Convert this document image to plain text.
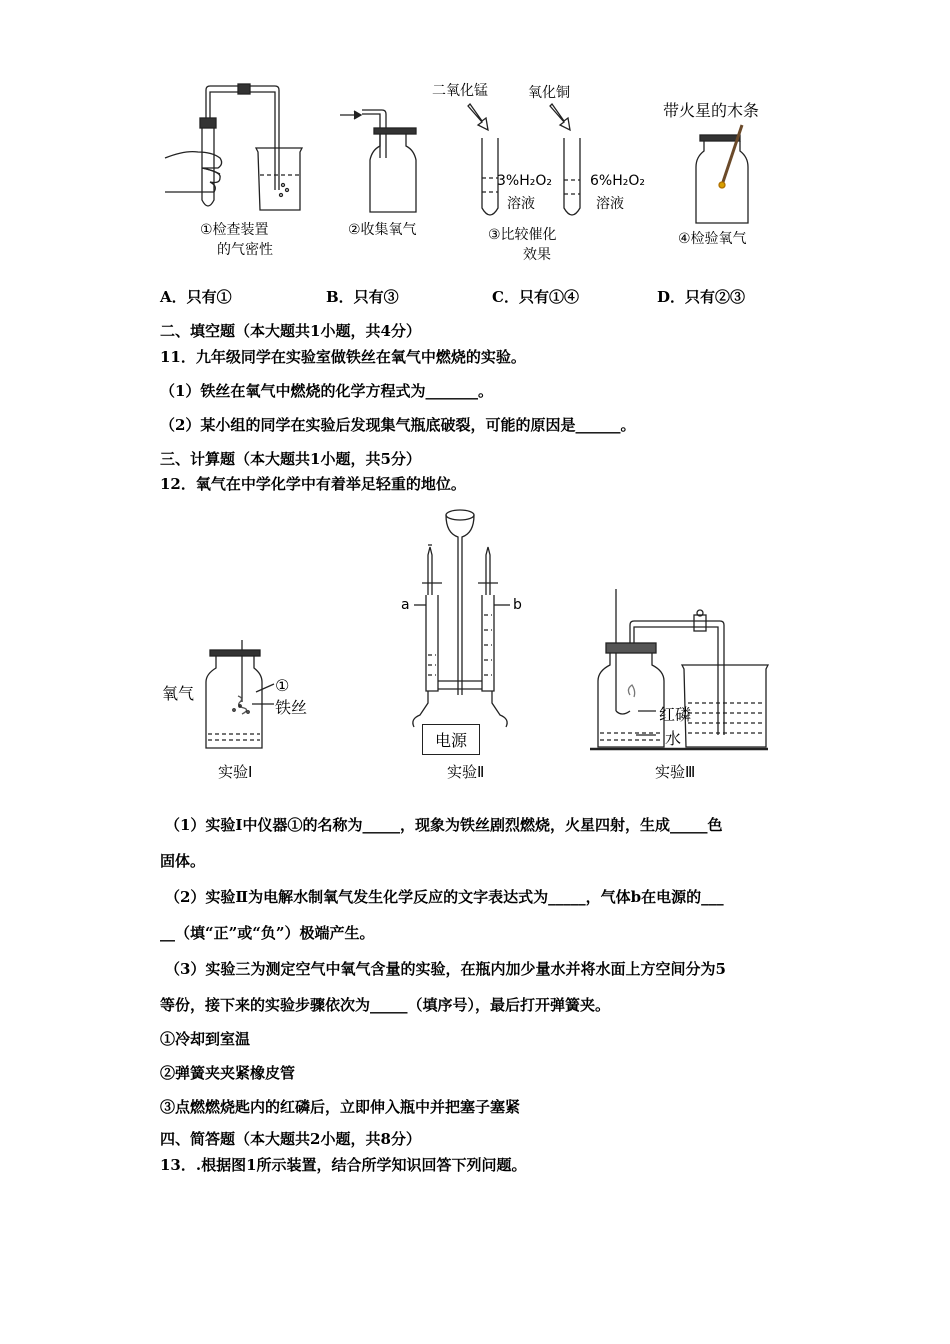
①检查装置
的气密性
②收集氧气
二氧化锰	氧化铜
3%H₂O₂
溶液
6%H₂O₂
溶液
③比较催化
效果
带火星的木条
④检验氧气
A．只有①	B．只有③	C．只有①④	D．只有②③
二、填空题（本大题共1小题，共4分）
11．九年级同学在实验室做铁丝在氧气中燃烧的实验。
（1）铁丝在氧气中燃烧的化学方程式为_______。
（2）某小组的同学在实验后发现集气瓶底破裂，可能的原因是______。
三、计算题（本大题共1小题，共5分）
12．氧气在中学化学中有着举足轻重的地位。
氧气	①
铁丝
实验Ⅰ
a	b
电源
实验Ⅱ
红磷
水
实验Ⅲ
（1）实验Ⅰ中仪器①的名称为_____，现象为铁丝剧烈燃烧，火星四射，生成_____色
固体。
（2）实验Ⅱ为电解水制氧气发生化学反应的文字表达式为_____，气体b在电源的___
__（填“正”或“负”）极端产生。
（3）实验三为测定空气中氧气含量的实验，在瓶内加少量水并将水面上方空间分为5
等份，接下来的实验步骤依次为_____（填序号），最后打开弹簧夹。
①冷却到室温
②弹簧夹夹紧橡皮管
③点燃燃烧匙内的红磷后，立即伸入瓶中并把塞子塞紧
四、简答题（本大题共2小题，共8分）
13．.根据图1所示装置，结合所学知识回答下列问题。
